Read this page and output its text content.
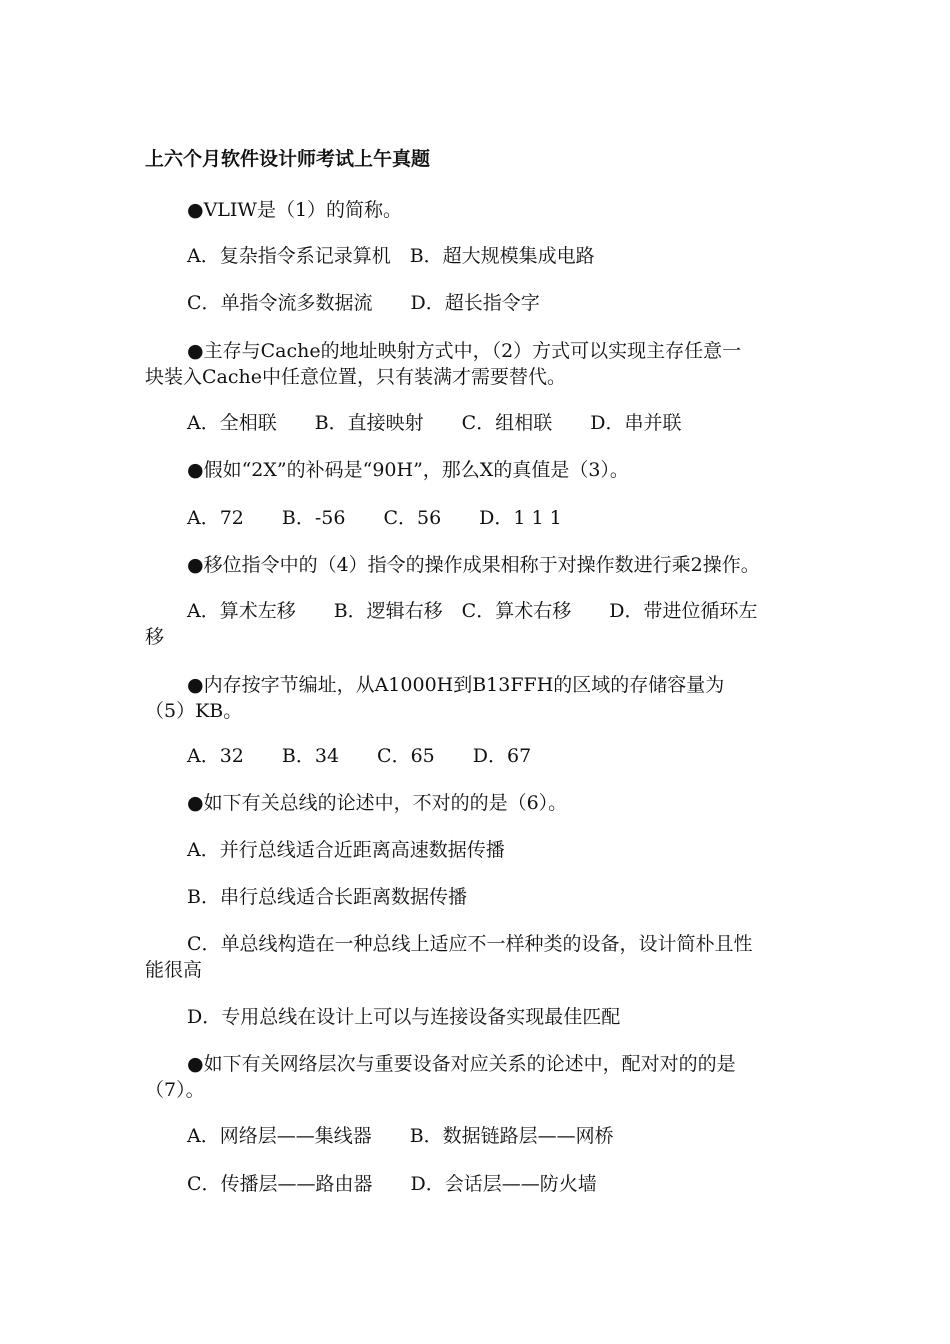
上六个月软件设计师考试上午真题
●VLIW是（1）的简称。
A．复杂指令系记录算机　B．超大规模集成电路
C．单指令流多数据流　　D．超长指令字
●主存与Cache的地址映射方式中，（2）方式可以实现主存任意一
块装入Cache中任意位置，只有装满才需要替代。
A．全相联　　B．直接映射　　C．组相联　　D．串并联
●假如“2X”的补码是“90H”，那么X的真值是（3）。
A．72　　B．-56　　C．56　　D．1 1 1
●移位指令中的（4）指令的操作成果相称于对操作数进行乘2操作。
A．算术左移　　B．逻辑右移　C．算术右移　　D．带进位循环左
移
●内存按字节编址，从A1000H到B13FFH的区域的存储容量为
（5）KB。
A．32　　B．34　　C．65　　D．67
●如下有关总线的论述中，不对的的是（6）。
A．并行总线适合近距离高速数据传播
B．串行总线适合长距离数据传播
C．单总线构造在一种总线上适应不一样种类的设备，设计简朴且性
能很高
D．专用总线在设计上可以与连接设备实现最佳匹配
●如下有关网络层次与重要设备对应关系的论述中，配对对的的是
（7）。
A．网络层——集线器　　B．数据链路层——网桥
C．传播层——路由器　　D．会话层——防火墙
